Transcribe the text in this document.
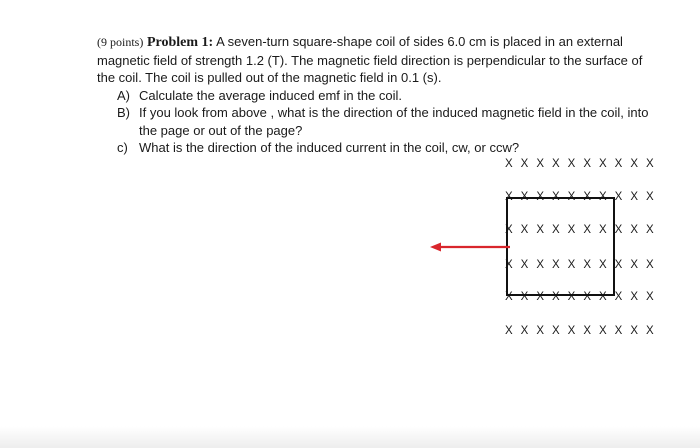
(9 points) Problem 1: A seven-turn square-shape coil of sides 6.0 cm is placed in an external magnetic field of strength 1.2 (T). The magnetic field direction is perpendicular to the surface of the coil. The coil is pulled out of the magnetic field in 0.1 (s).

A) Calculate the average induced emf in the coil.
B) If you look from above , what is the direction of the induced magnetic field in the coil, into the page or out of the page?
c) What is the direction of the induced current in the coil, cw, or ccw?
X X X X X X X X X X
X X X X X X X X X X
X X X X X X X X X X
X X X X X X X X X X
X X X X X X X X X X
X X X X X X X X X X
